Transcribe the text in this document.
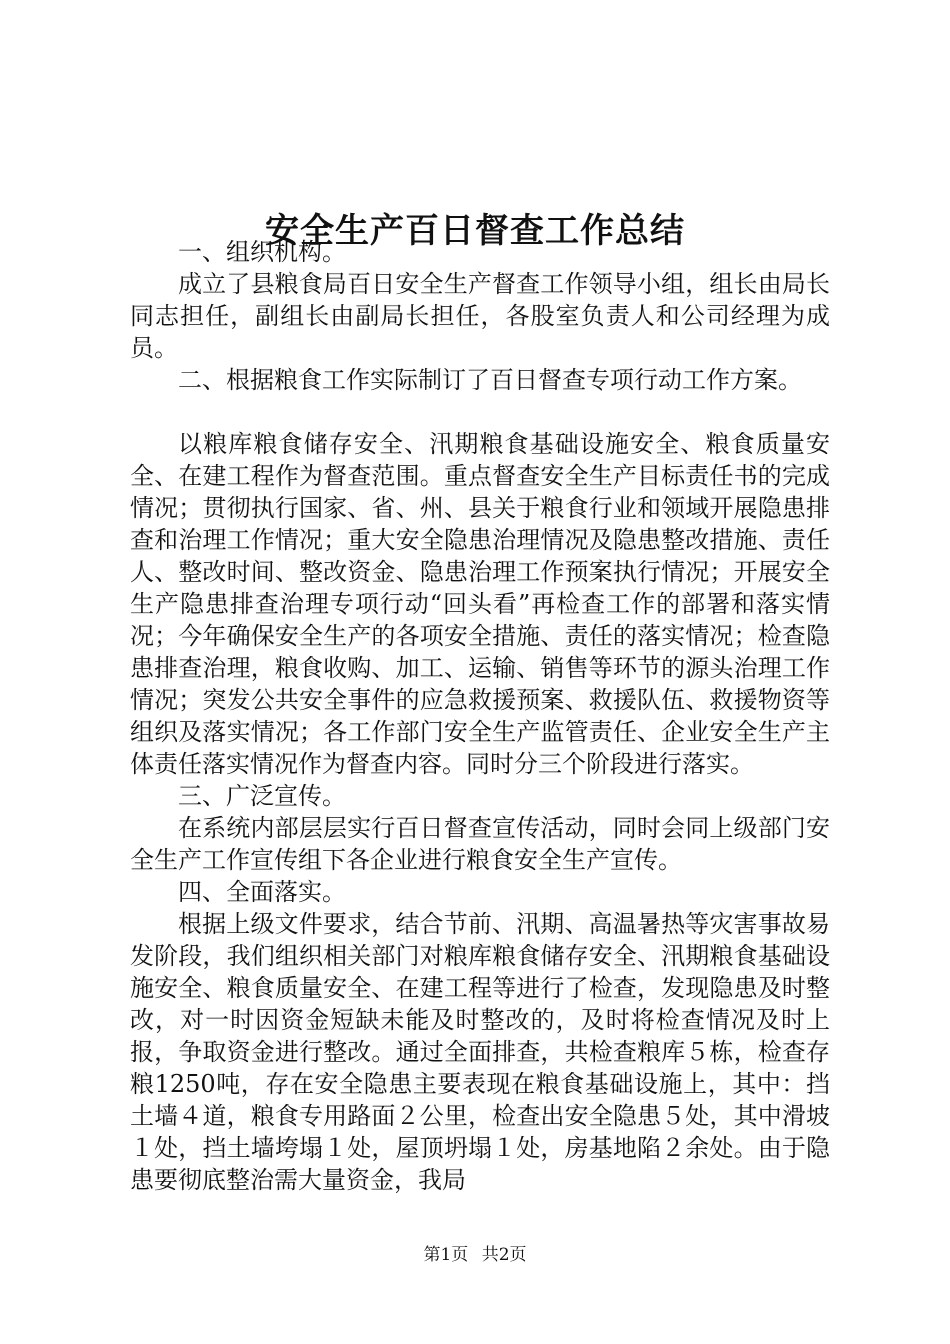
安全生产百日督查工作总结

一、组织机构。

成立了县粮食局百日安全生产督查工作领导小组，组长由局长同志担任，副组长由副局长担任，各股室负责人和公司经理为成员。

二、根据粮食工作实际制订了百日督查专项行动工作方案。

以粮库粮食储存安全、汛期粮食基础设施安全、粮食质量安全、在建工程作为督查范围。重点督查安全生产目标责任书的完成情况；贯彻执行国家、省、州、县关于粮食行业和领域开展隐患排查和治理工作情况；重大安全隐患治理情况及隐患整改措施、责任人、整改时间、整改资金、隐患治理工作预案执行情况；开展安全生产隐患排查治理专项行动“回头看”再检查工作的部署和落实情况；今年确保安全生产的各项安全措施、责任的落实情况；检查隐患排查治理，粮食收购、加工、运输、销售等环节的源头治理工作情况；突发公共安全事件的应急救援预案、救援队伍、救援物资等组织及落实情况；各工作部门安全生产监管责任、企业安全生产主体责任落实情况作为督查内容。同时分三个阶段进行落实。

三、广泛宣传。

在系统内部层层实行百日督查宣传活动，同时会同上级部门安全生产工作宣传组下各企业进行粮食安全生产宣传。

四、全面落实。

根据上级文件要求，结合节前、汛期、高温暑热等灾害事故易发阶段，我们组织相关部门对粮库粮食储存安全、汛期粮食基础设施安全、粮食质量安全、在建工程等进行了检查，发现隐患及时整改，对一时因资金短缺未能及时整改的，及时将检查情况及时上报，争取资金进行整改。通过全面排查，共检查粮库５栋，检查存粮1250吨，存在安全隐患主要表现在粮食基础设施上，其中：挡土墙４道，粮食专用路面２公里，检查出安全隐患５处，其中滑坡１处，挡土墙垮塌１处，屋顶坍塌１处，房基地陷２余处。由于隐患要彻底整治需大量资金，我局

第1页 共2页
